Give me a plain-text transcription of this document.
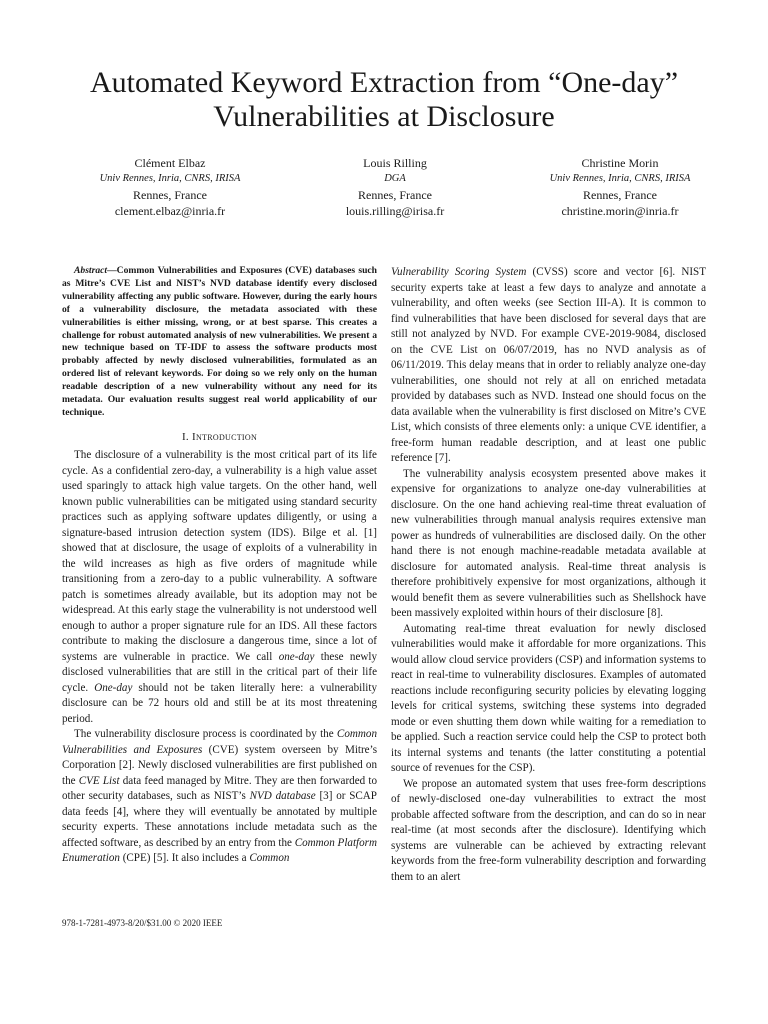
Automated Keyword Extraction from “One-day”
Vulnerabilities at Disclosure
Clément Elbaz
Univ Rennes, Inria, CNRS, IRISA
Rennes, France
clement.elbaz@inria.fr
Louis Rilling
DGA
Rennes, France
louis.rilling@irisa.fr
Christine Morin
Univ Rennes, Inria, CNRS, IRISA
Rennes, France
christine.morin@inria.fr
Abstract—Common Vulnerabilities and Exposures (CVE) databases such as Mitre’s CVE List and NIST’s NVD database identify every disclosed vulnerability affecting any public software. However, during the early hours of a vulnerability disclosure, the metadata associated with these vulnerabilities is either missing, wrong, or at best sparse. This creates a challenge for robust automated analysis of new vulnerabilities. We present a new technique based on TF-IDF to assess the software products most probably affected by newly disclosed vulnerabilities, formulated as an ordered list of relevant keywords. For doing so we rely only on the human readable description of a new vulnerability without any need for its metadata. Our evaluation results suggest real world applicability of our technique.
I. Introduction

The disclosure of a vulnerability is the most critical part of its life cycle. As a confidential zero-day, a vulnerability is a high value asset used sparingly to attack high value targets. On the other hand, well known public vulnerabilities can be mitigated using standard security practices such as applying software updates diligently, or using a signature-based intrusion detection system (IDS). Bilge et al. [1] showed that at disclosure, the usage of exploits of a vulnerability in the wild increases as high as five orders of magnitude while transitioning from a zero-day to a public vulnerability. A software patch is sometimes already available, but its adoption may not be widespread. At this early stage the vulnerability is not understood well enough to author a proper signature rule for an IDS. All these factors contribute to making the disclosure a dangerous time, since a lot of systems are vulnerable in practice. We call one-day these newly disclosed vulnerabilities that are still in the critical part of their life cycle. One-day should not be taken literally here: a vulnerability disclosure can be 72 hours old and still be at its most threatening period.

The vulnerability disclosure process is coordinated by the Common Vulnerabilities and Exposures (CVE) system overseen by Mitre’s Corporation [2]. Newly disclosed vulnerabilities are first published on the CVE List data feed managed by Mitre. They are then forwarded to other security databases, such as NIST’s NVD database [3] or SCAP data feeds [4], where they will eventually be annotated by multiple security experts. These annotations include metadata such as the affected software, as described by an entry from the Common Platform Enumeration (CPE) [5]. It also includes a Common

Vulnerability Scoring System (CVSS) score and vector [6]. NIST security experts take at least a few days to analyze and annotate a vulnerability, and often weeks (see Section III-A). It is common to find vulnerabilities that have been disclosed for several days that are still not analyzed by NVD. For example CVE-2019-9084, disclosed on the CVE List on 06/07/2019, has no NVD analysis as of 06/11/2019. This delay means that in order to reliably analyze one-day vulnerabilities, one should not rely at all on enriched metadata provided by databases such as NVD. Instead one should focus on the data available when the vulnerability is first disclosed on Mitre’s CVE List, which consists of three elements only: a unique CVE identifier, a free-form human readable description, and at least one public reference [7].

The vulnerability analysis ecosystem presented above makes it expensive for organizations to analyze one-day vulnerabilities at disclosure. On the one hand achieving real-time threat evaluation of new vulnerabilities through manual analysis requires extensive man power as hundreds of vulnerabilities are disclosed daily. On the other hand there is not enough machine-readable metadata available at disclosure for automated analysis. Real-time threat analysis is therefore prohibitively expensive for most organizations, although it would benefit them as severe vulnerabilities such as Shellshock have been massively exploited within hours of their disclosure [8].

Automating real-time threat evaluation for newly disclosed vulnerabilities would make it affordable for more organizations. This would allow cloud service providers (CSP) and information systems to react in real-time to vulnerability disclosures. Examples of automated reactions include reconfiguring security policies by elevating logging levels for critical systems, switching these systems into degraded mode or even shutting them down while waiting for a remediation to be applied. Such a reaction service could help the CSP to protect both its internal systems and tenants (the latter constituting a potential source of revenues for the CSP).

We propose an automated system that uses free-form descriptions of newly-disclosed one-day vulnerabilities to extract the most probable affected software from the description, and can do so in near real-time (at most seconds after the disclosure). Identifying which systems are vulnerable can be achieved by extracting relevant keywords from the free-form vulnerability description and forwarding them to an alert

978-1-7281-4973-8/20/$31.00 © 2020 IEEE
